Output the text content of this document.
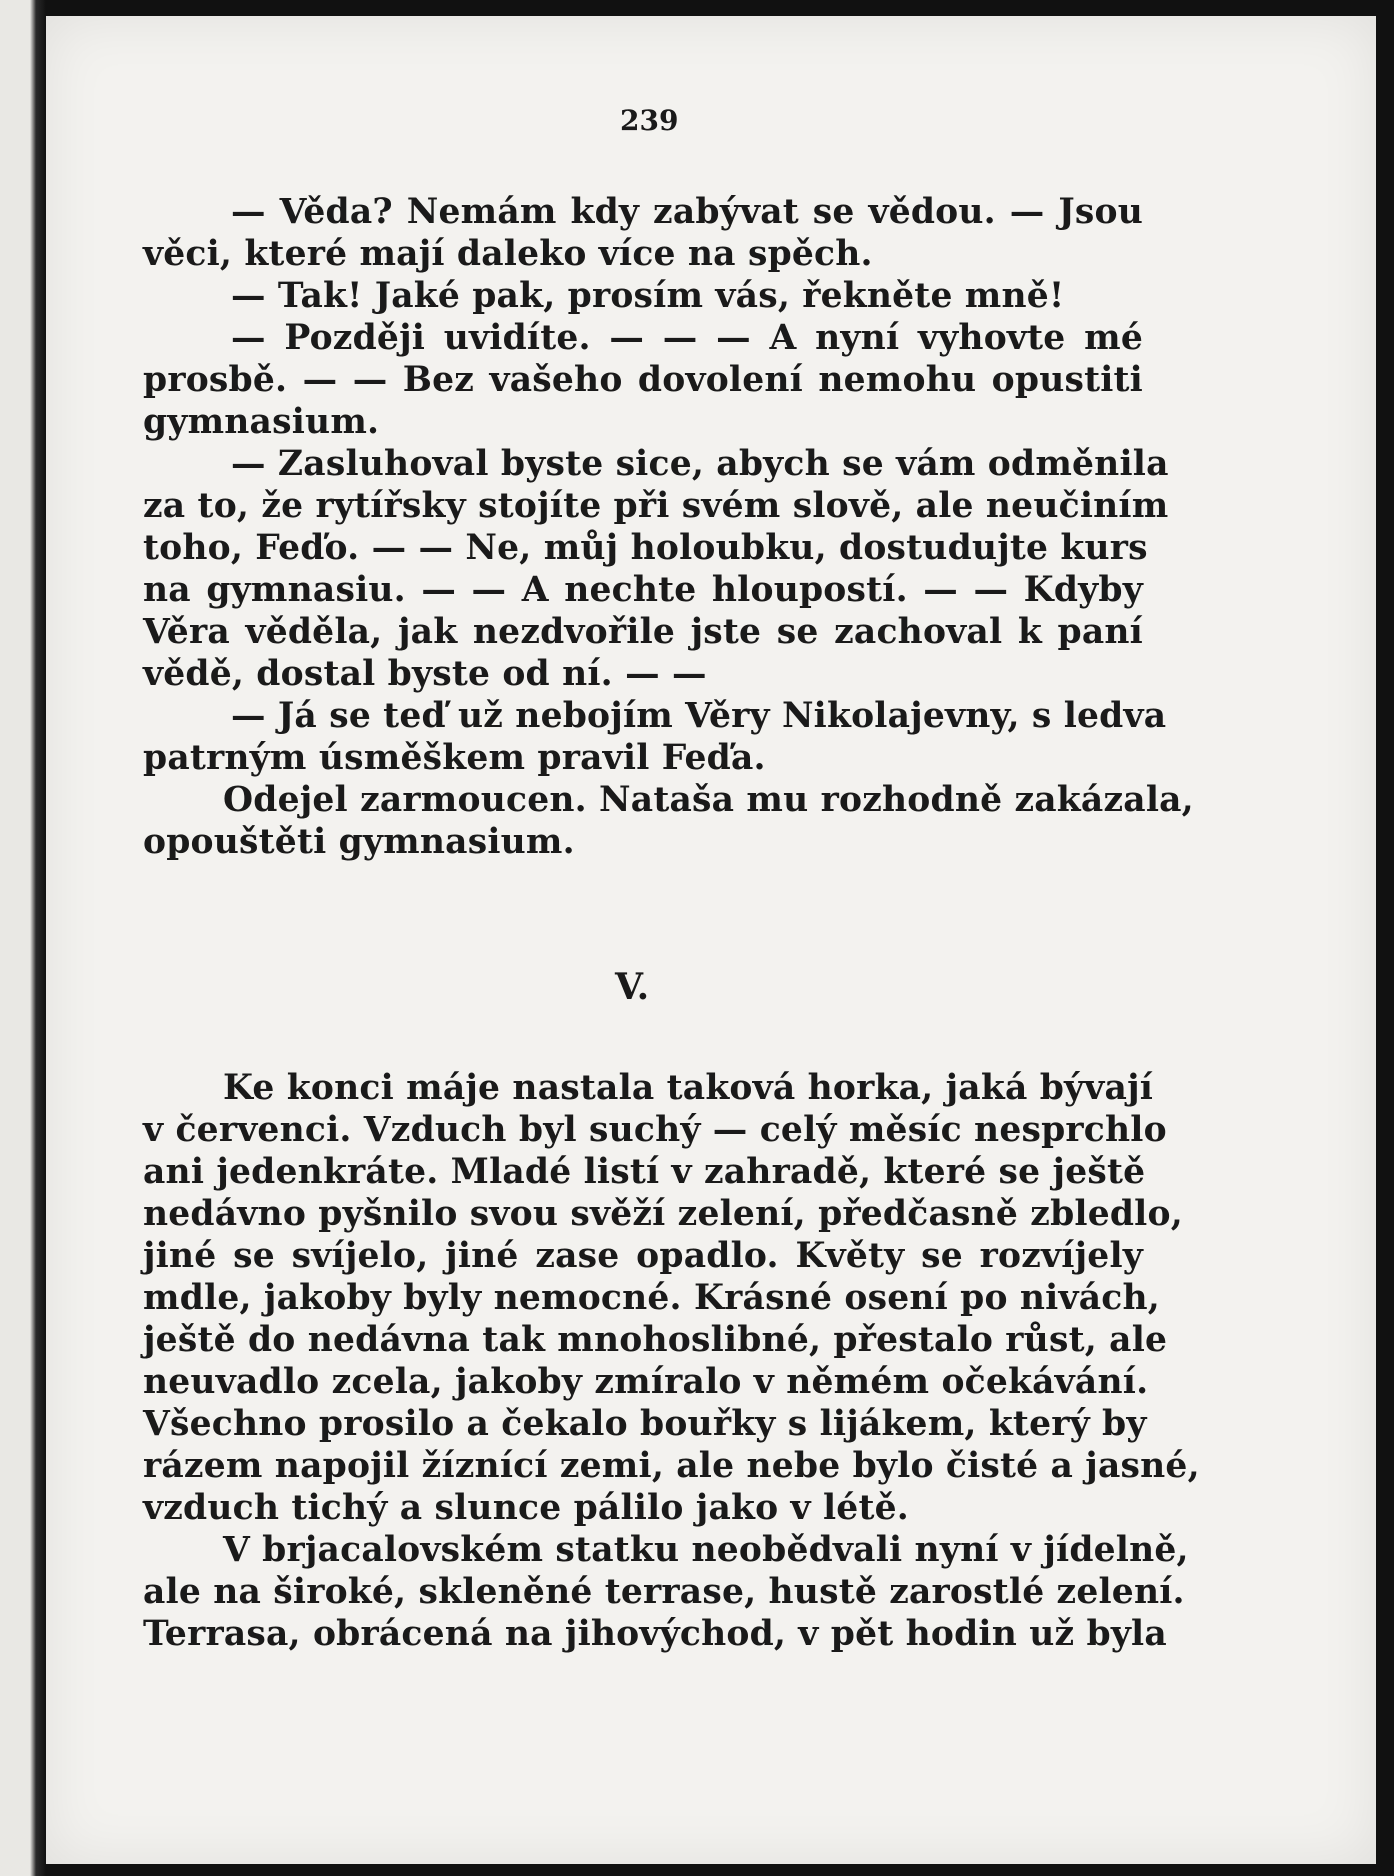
239
— Věda? Nemám kdy zabývat se vědou. — Jsou
věci, které mají daleko více na spěch.
— Tak! Jaké pak, prosím vás, řekněte mně!
— Později uvidíte. — — — A nyní vyhovte mé
prosbě. — — Bez vašeho dovolení nemohu opustiti
gymnasium.
— Zasluhoval byste sice, abych se vám odměnila
za to, že rytířsky stojíte při svém slově, ale neučiním
toho, Feďo. — — Ne, můj holoubku, dostudujte kurs
na gymnasiu. — — A nechte hloupostí. — — Kdyby
Věra věděla, jak nezdvořile jste se zachoval k paní
vědě, dostal byste od ní. — —
— Já se teď už nebojím Věry Nikolajevny, s ledva
patrným úsměškem pravil Feďa.
Odejel zarmoucen. Nataša mu rozhodně zakázala,
opouštěti gymnasium.
Ke konci máje nastala taková horka, jaká bývají
v červenci. Vzduch byl suchý — celý měsíc nesprchlo
ani jedenkráte. Mladé listí v zahradě, které se ještě
nedávno pyšnilo svou svěží zelení, předčasně zbledlo,
jiné se svíjelo, jiné zase opadlo. Květy se rozvíjely
mdle, jakoby byly nemocné. Krásné osení po nivách,
ještě do nedávna tak mnohoslibné, přestalo růst, ale
neuvadlo zcela, jakoby zmíralo v němém očekávání.
Všechno prosilo a čekalo bouřky s lijákem, který by
rázem napojil žíznící zemi, ale nebe bylo čisté a jasné,
vzduch tichý a slunce pálilo jako v létě.
V brjacalovském statku neobědvali nyní v jídelně,
ale na široké, skleněné terrase, hustě zarostlé zelení.
Terrasa, obrácená na jihovýchod, v pět hodin už byla
V.
